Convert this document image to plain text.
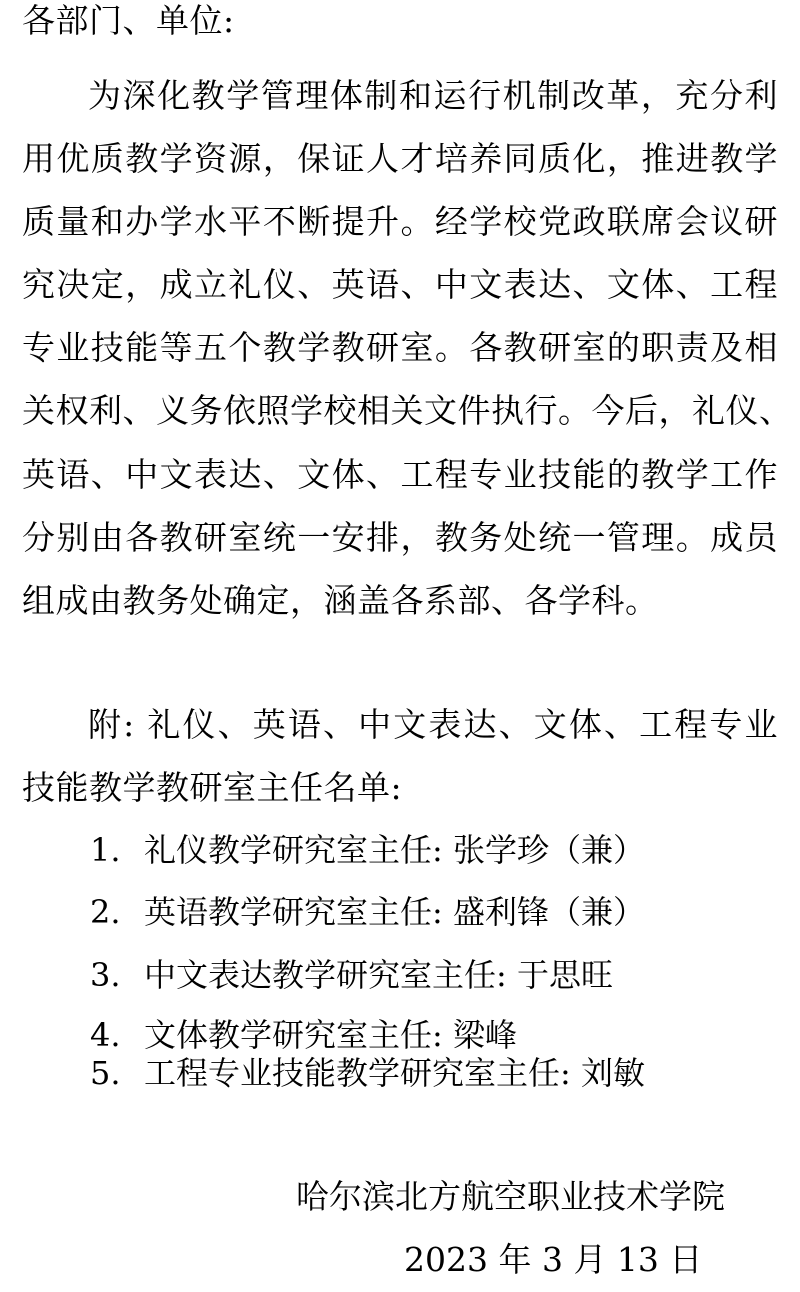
各部门、单位:
为深化教学管理体制和运行机制改革，充分利
用优质教学资源，保证人才培养同质化，推进教学
质量和办学水平不断提升。经学校党政联席会议研
究决定，成立礼仪、英语、中文表达、文体、工程
专业技能等五个教学教研室。各教研室的职责及相
关权利、义务依照学校相关文件执行。今后，礼仪、
英语、中文表达、文体、工程专业技能的教学工作
分别由各教研室统一安排，教务处统一管理。成员
组成由教务处确定，涵盖各系部、各学科。
附: 礼仪、英语、中文表达、文体、工程专业
技能教学教研室主任名单:
1. 礼仪教学研究室主任: 张学珍（兼）
2. 英语教学研究室主任: 盛利锋（兼）
3. 中文表达教学研究室主任: 于思旺
4. 文体教学研究室主任: 梁峰
5. 工程专业技能教学研究室主任: 刘敏
哈尔滨北方航空职业技术学院
2023 年 3 月 13 日
